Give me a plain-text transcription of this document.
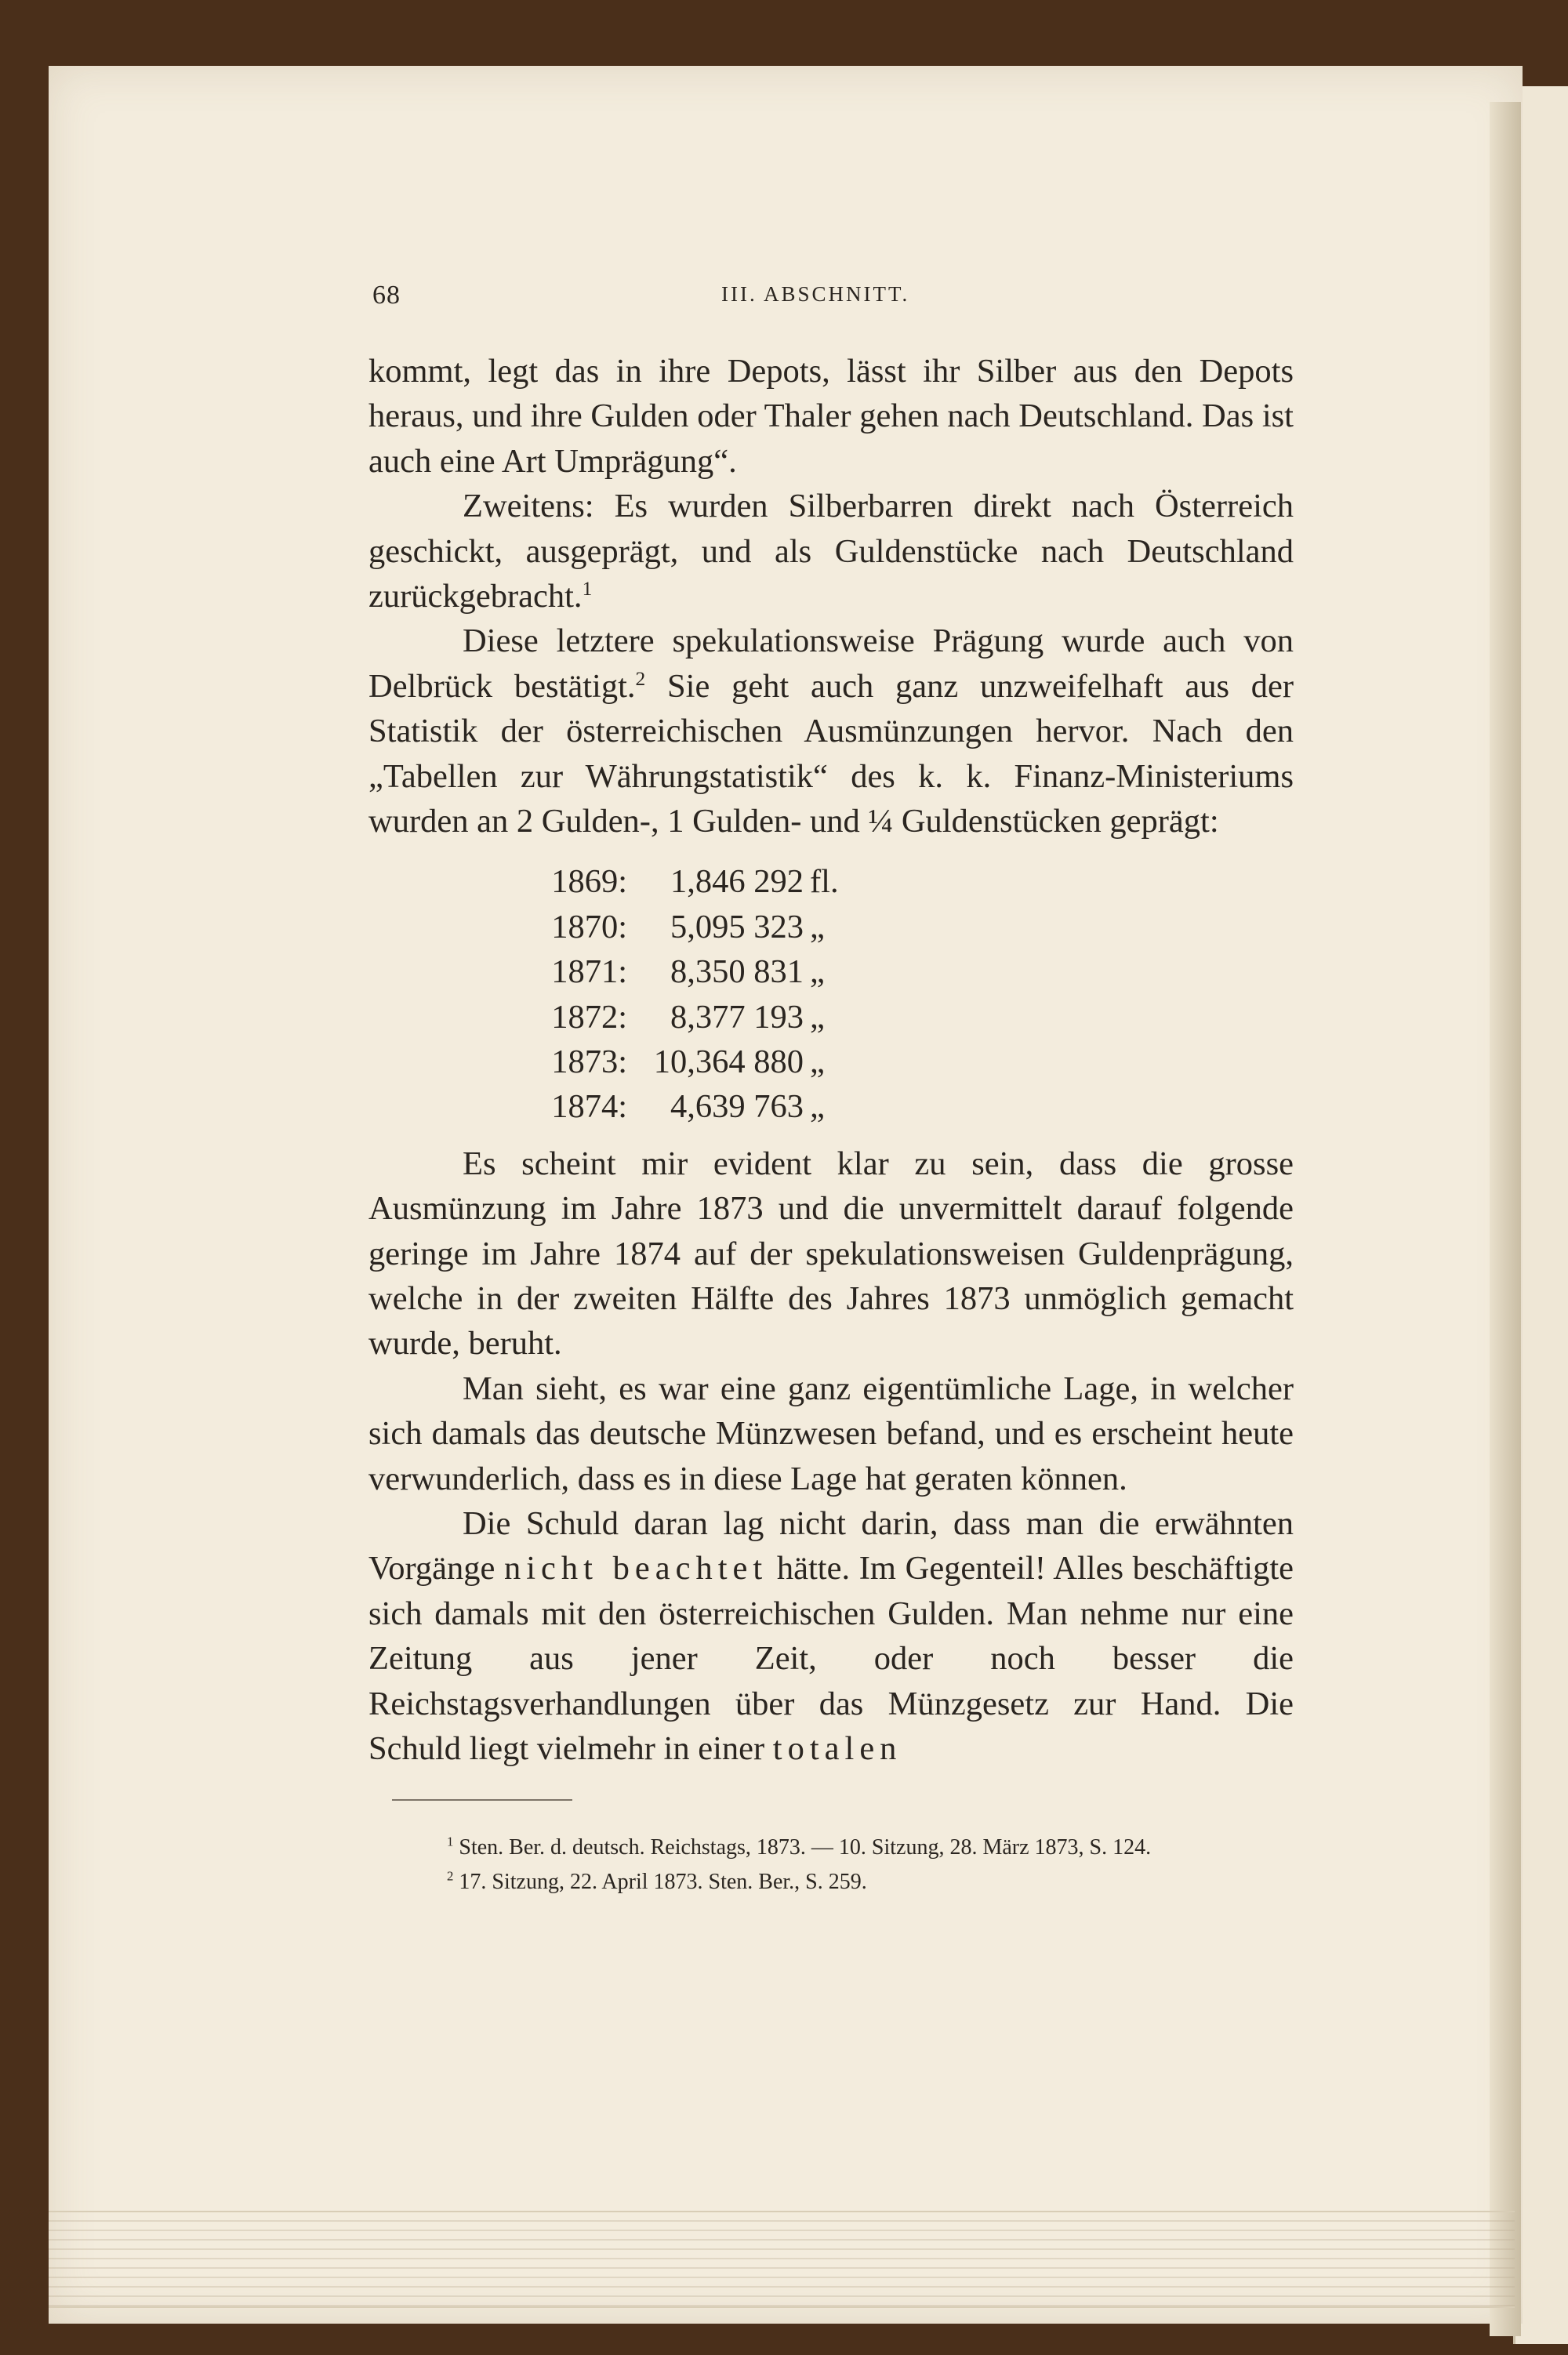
68	III. ABSCHNITT.

kommt, legt das in ihre Depots, lässt ihr Silber aus den Depots heraus, und ihre Gulden oder Thaler gehen nach Deutschland. Das ist auch eine Art Umprägung“.

Zweitens: Es wurden Silberbarren direkt nach Österreich geschickt, ausgeprägt, und als Guldenstücke nach Deutschland zurückgebracht.$^1$

Diese letztere spekulationsweise Prägung wurde auch von Delbrück bestätigt.$^2$ Sie geht auch ganz unzweifelhaft aus der Statistik der österreichischen Ausmünzungen hervor. Nach den „Tabellen zur Währungstatistik“ des k. k. Finanz-Ministeriums wurden an 2 Gulden-, 1 Gulden- und ¼ Guldenstücken geprägt:

1869:	1,846 292 fl.
1870:	5,095 323 „
1871:	8,350 831 „
1872:	8,377 193 „
1873: 10,364 880 „
1874:	4,639 763 „

Es scheint mir evident klar zu sein, dass die grosse Ausmünzung im Jahre 1873 und die unvermittelt darauf folgende geringe im Jahre 1874 auf der spekulationsweisen Guldenprägung, welche in der zweiten Hälfte des Jahres 1873 unmöglich gemacht wurde, beruht.

Man sieht, es war eine ganz eigentümliche Lage, in welcher sich damals das deutsche Münzwesen befand, und es erscheint heute verwunderlich, dass es in diese Lage hat geraten können.

Die Schuld daran lag nicht darin, dass man die erwähnten Vorgänge nicht beachtet hätte. Im Gegenteil! Alles beschäftigte sich damals mit den österreichischen Gulden. Man nehme nur eine Zeitung aus jener Zeit, oder noch besser die Reichstagsverhandlungen über das Münzgesetz zur Hand. Die Schuld liegt vielmehr in einer totalen

$^1$ Sten. Ber. d. deutsch. Reichstags, 1873. — 10. Sitzung, 28. März 1873, S. 124.

$^2$ 17. Sitzung, 22. April 1873. Sten. Ber., S. 259.
